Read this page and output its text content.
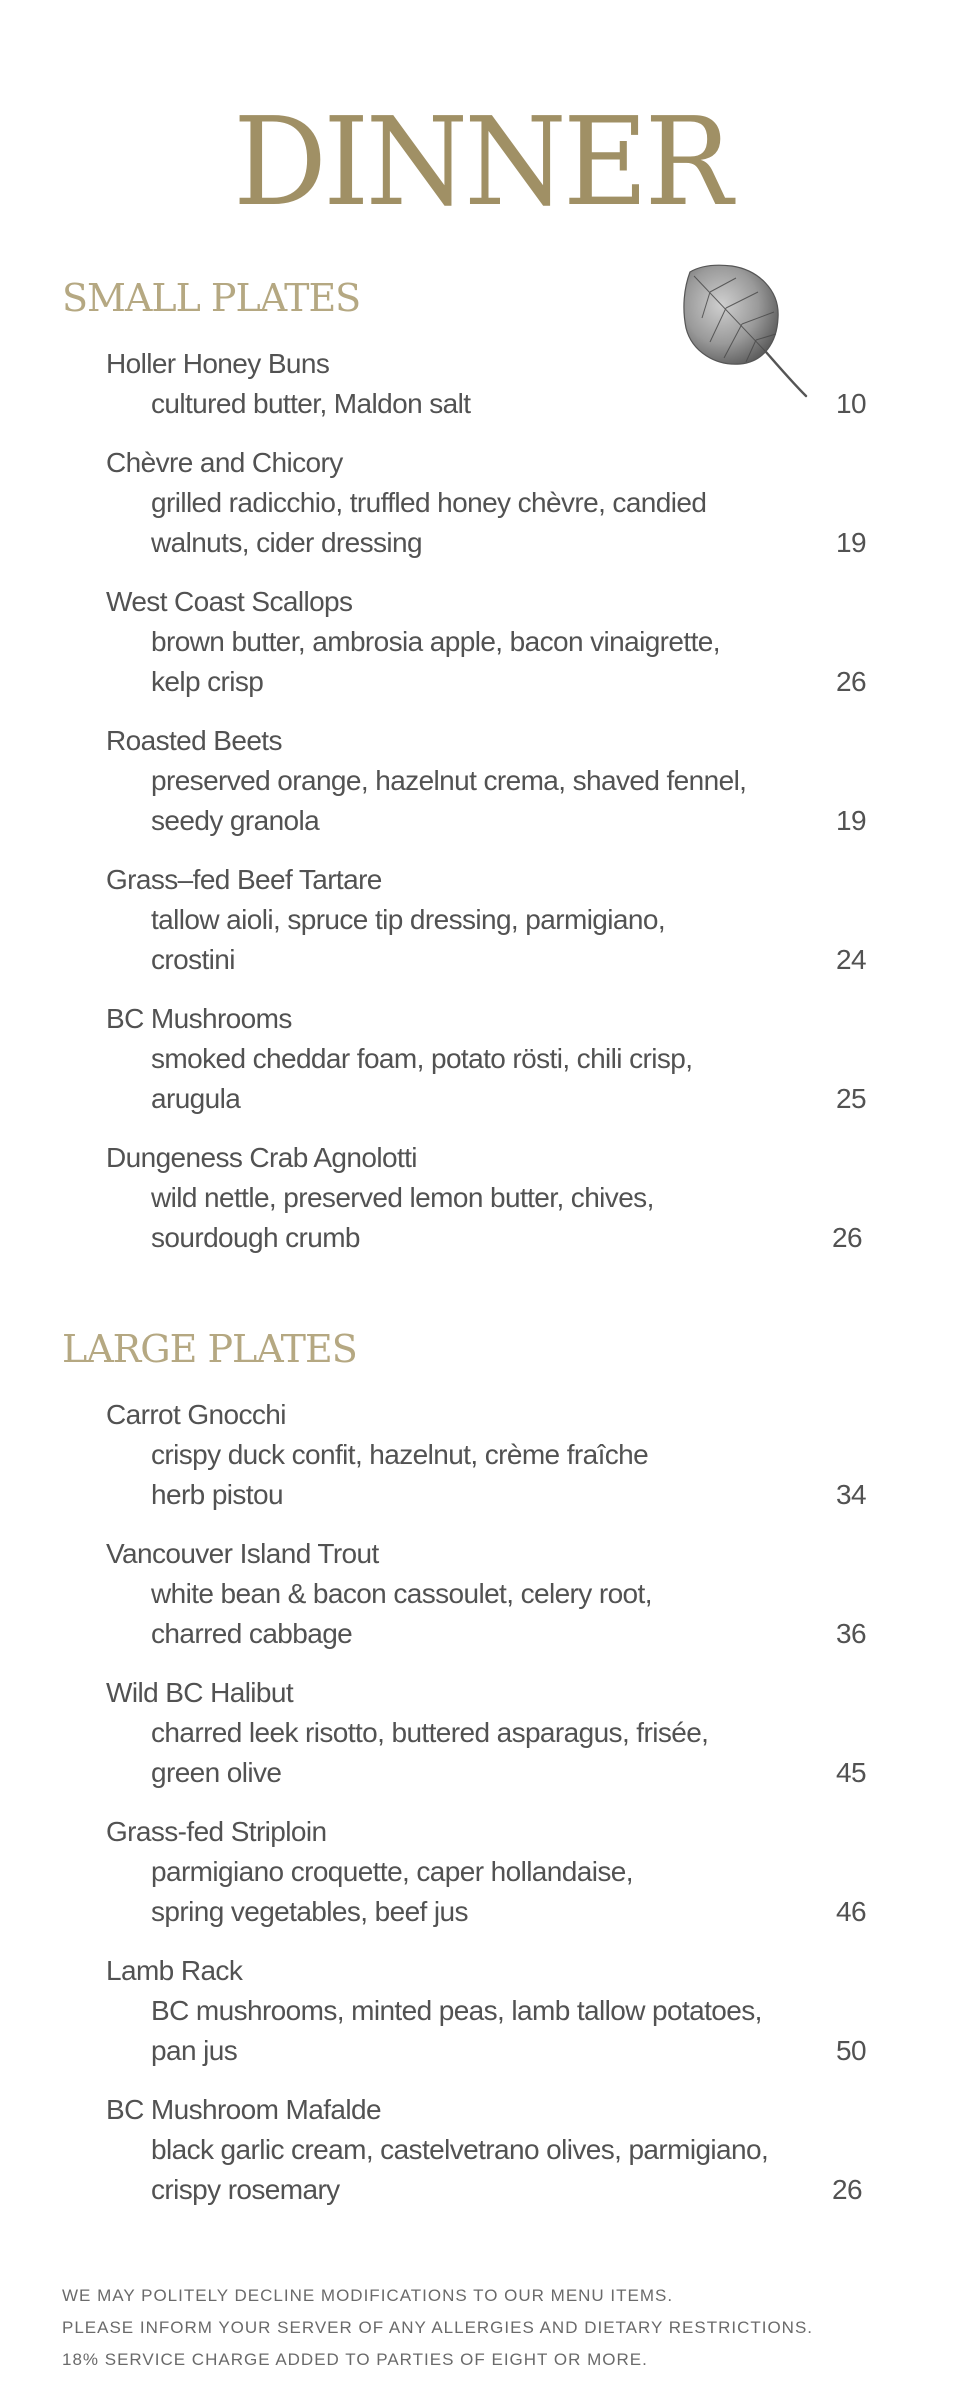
DINNER
SMALL PLATES
Holler Honey Buns
cultured butter, Maldon salt	10
Chèvre and Chicory
grilled radicchio, truffled honey chèvre, candied
walnuts, cider dressing	19
West Coast Scallops
brown butter, ambrosia apple, bacon vinaigrette,
kelp crisp	26
Roasted Beets
preserved orange, hazelnut crema, shaved fennel,
seedy granola	19
Grass–fed Beef Tartare
tallow aioli, spruce tip dressing, parmigiano,
crostini	24
BC Mushrooms
smoked cheddar foam, potato rösti, chili crisp,
arugula	25
Dungeness Crab Agnolotti
wild nettle, preserved lemon butter, chives,
sourdough crumb	26
LARGE PLATES
Carrot Gnocchi
crispy duck confit, hazelnut, crème fraîche
herb pistou	34
Vancouver Island Trout
white bean & bacon cassoulet, celery root,
charred cabbage	36
Wild BC Halibut
charred leek risotto, buttered asparagus, frisée,
green olive	45
Grass-fed Striploin
parmigiano croquette, caper hollandaise,
spring vegetables, beef jus	46
Lamb Rack
BC mushrooms, minted peas, lamb tallow potatoes,
pan jus	50
BC Mushroom Mafalde
black garlic cream, castelvetrano olives, parmigiano,
crispy rosemary	26
WE MAY POLITELY DECLINE MODIFICATIONS TO OUR MENU ITEMS.
PLEASE INFORM YOUR SERVER OF ANY ALLERGIES AND DIETARY RESTRICTIONS.
18% SERVICE CHARGE ADDED TO PARTIES OF EIGHT OR MORE.
